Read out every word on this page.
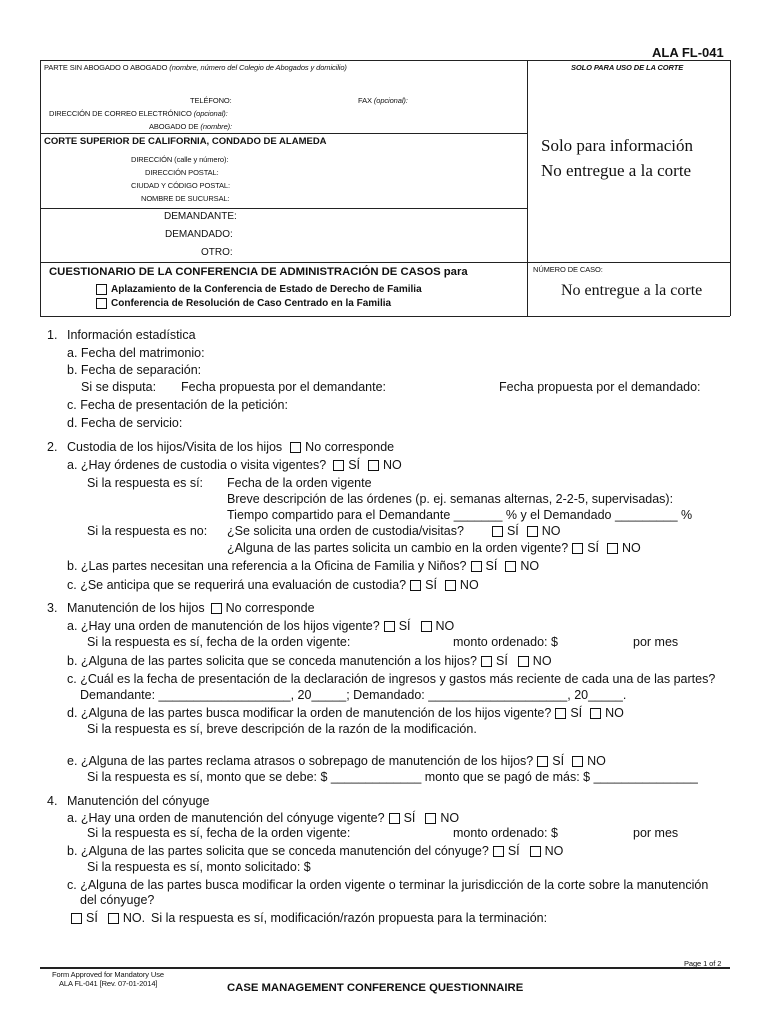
ALA FL-041
PARTE SIN ABOGADO O ABOGADO (nombre, número del Colegio de Abogados y domicilio)	SOLO PARA USO DE LA CORTE
TELÉFONO:	FAX (opcional):
DIRECCIÓN DE CORREO ELECTRÓNICO (opcional):
ABOGADO DE (nombre):
CORTE SUPERIOR DE CALIFORNIA, CONDADO DE ALAMEDA
DIRECCIÓN (calle y número):
DIRECCIÓN POSTAL:
CIUDAD Y CÓDIGO POSTAL:
NOMBRE DE SUCURSAL:
DEMANDANTE:
DEMANDADO:
OTRO:
Solo para información
No entregue a la corte
CUESTIONARIO DE LA CONFERENCIA DE ADMINISTRACIÓN DE CASOS para
Aplazamiento de la Conferencia de Estado de Derecho de Familia
Conferencia de Resolución de Caso Centrado en la Familia
NÚMERO DE CASO:
No entregue a la corte
1. Información estadística
a. Fecha del matrimonio:
b. Fecha de separación:
Si se disputa: Fecha propuesta por el demandante:	Fecha propuesta por el demandado:
c. Fecha de presentación de la petición:
d. Fecha de servicio:
2. Custodia de los hijos/Visita de los hijos No corresponde
a. ¿Hay órdenes de custodia o visita vigentes? SÍ NO
Si la respuesta es sí: Fecha de la orden vigente
Breve descripción de las órdenes (p. ej. semanas alternas, 2-2-5, supervisadas):
Tiempo compartido para el Demandante _______ % y el Demandado _________ %
Si la respuesta es no: ¿Se solicita una orden de custodia/visitas?	SÍ NO
¿Alguna de las partes solicita un cambio en la orden vigente? SÍ NO
b. ¿Las partes necesitan una referencia a la Oficina de Familia y Niños? SÍ NO
c. ¿Se anticipa que se requerirá una evaluación de custodia? SÍ NO
3. Manutención de los hijos No corresponde
a. ¿Hay una orden de manutención de los hijos vigente? SÍ NO
Si la respuesta es sí, fecha de la orden vigente:	monto ordenado: $	por mes
b. ¿Alguna de las partes solicita que se conceda manutención a los hijos? SÍ NO
c. ¿Cuál es la fecha de presentación de la declaración de ingresos y gastos más reciente de cada una de las partes?
Demandante: ___________________, 20_____; Demandado: ____________________, 20_____.
d. ¿Alguna de las partes busca modificar la orden de manutención de los hijos vigente? SÍ NO
Si la respuesta es sí, breve descripción de la razón de la modificación.
e. ¿Alguna de las partes reclama atrasos o sobrepago de manutención de los hijos? SÍ NO
Si la respuesta es sí, monto que se debe: $ _____________ monto que se pagó de más: $ _______________
4. Manutención del cónyuge
a. ¿Hay una orden de manutención del cónyuge vigente? SÍ NO
Si la respuesta es sí, fecha de la orden vigente:	monto ordenado: $	por mes
b. ¿Alguna de las partes solicita que se conceda manutención del cónyuge? SÍ NO
Si la respuesta es sí, monto solicitado: $
c. ¿Alguna de las partes busca modificar la orden vigente o terminar la jurisdicción de la corte sobre la manutención
del cónyuge?
SÍ NO. Si la respuesta es sí, modificación/razón propuesta para la terminación:
Page 1 of 2
Form Approved for Mandatory Use
ALA FL-041 [Rev. 07-01-2014]	CASE MANAGEMENT CONFERENCE QUESTIONNAIRE
